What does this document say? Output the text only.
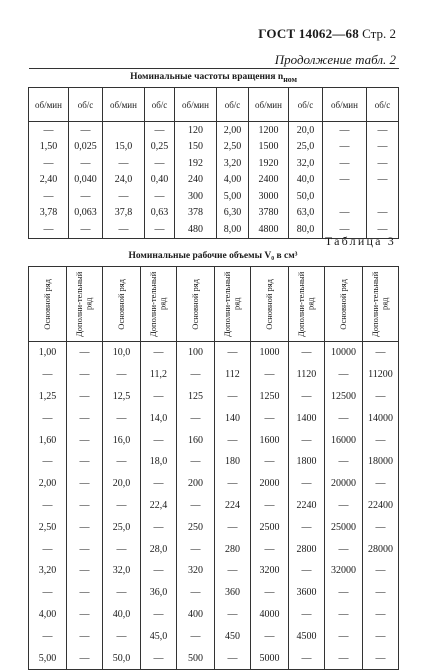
ГОСТ 14062—68 Стр. 2
Продолжение табл. 2
Номинальные частоты вращения $n_{ном}$
об/мин	об/с	об/мин	об/с	об/мин	об/с	об/мин	об/с	об/мин	об/с
—	—		—	120	2,00	1200	20,0	—	—
1,50	0,025	15,0	0,25	150	2,50	1500	25,0	—	—
—	—	—	—	192	3,20	1920	32,0	—	—
2,40	0,040	24,0	0,40	240	4,00	2400	40,0	—	—
—	—	—	—	300	5,00	3000	50,0		
3,78	0,063	37,8	0,63	378	6,30	3780	63,0	—	—
—	—	—	—	480	8,00	4800	80,0	—	—
Таблица 3
Номинальные рабочие объемы V₀ в см³
Основной ряд	Дополни-тельный ряд	Основной ряд	Дополни-тельный ряд	Основной ряд	Дополни-тельный ряд	Основной ряд	Дополни-тельный ряд	Основной ряд	Дополни-тельный ряд

1,00	—	10,0	—	100	—	1000	—	10000	—
—	—	—	11,2	—	112	—	1120	—	11200
1,25	—	12,5	—	125	—	1250	—	12500	—
—	—	—	14,0	—	140	—	1400	—	14000
1,60	—	16,0	—	160	—	1600	—	16000	—
—	—	—	18,0	—	180	—	1800	—	18000
2,00	—	20,0	—	200	—	2000	—	20000	—
—	—	—	22,4	—	224	—	2240	—	22400
2,50	—	25,0	—	250	—	2500	—	25000	—
—	—	—	28,0	—	280	—	2800	—	28000
3,20	—	32,0	—	320	—	3200	—	32000	—
—	—	—	36,0	—	360	—	3600	—	—
4,00	—	40,0	—	400	—	4000	—	—	—
—	—	—	45,0	—	450	—	4500	—	—
5,00	—	50,0	—	500	—	5000	—	—	—
